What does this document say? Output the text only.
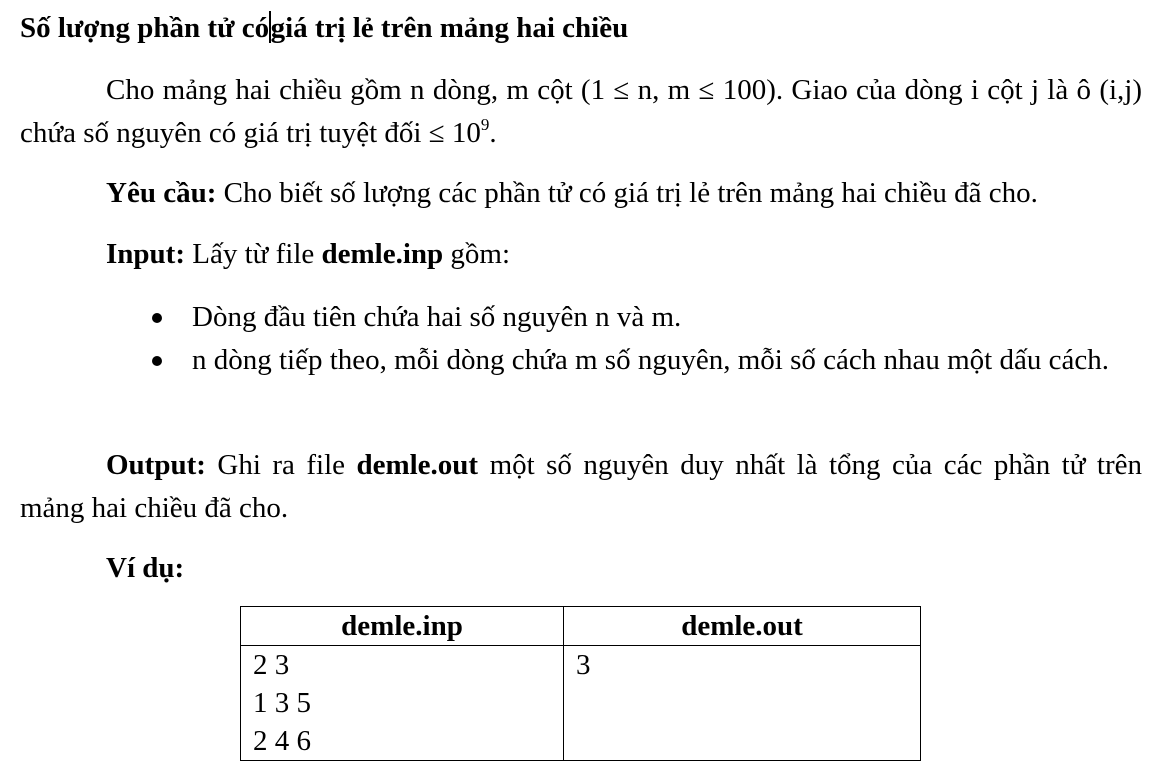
Số lượng phần tử cógiá trị lẻ trên mảng hai chiều
Cho mảng hai chiều gồm n dòng, m cột (1 ≤ n, m ≤ 100). Giao của dòng i cột j là ô (i,j) chứa số nguyên có giá trị tuyệt đối ≤ $10^9$.
Yêu cầu: Cho biết số lượng các phần tử có giá trị lẻ trên mảng hai chiều đã cho.
Input: Lấy từ file demle.inp gồm:
Dòng đầu tiên chứa hai số nguyên n và m.
n dòng tiếp theo, mỗi dòng chứa m số nguyên, mỗi số cách nhau một dấu cách.
Output: Ghi ra file demle.out một số nguyên duy nhất là tổng của các phần tử trên mảng hai chiều đã cho.
Ví dụ:
demle.inp	demle.out

2 3
1 3 5
2 4 6	3
